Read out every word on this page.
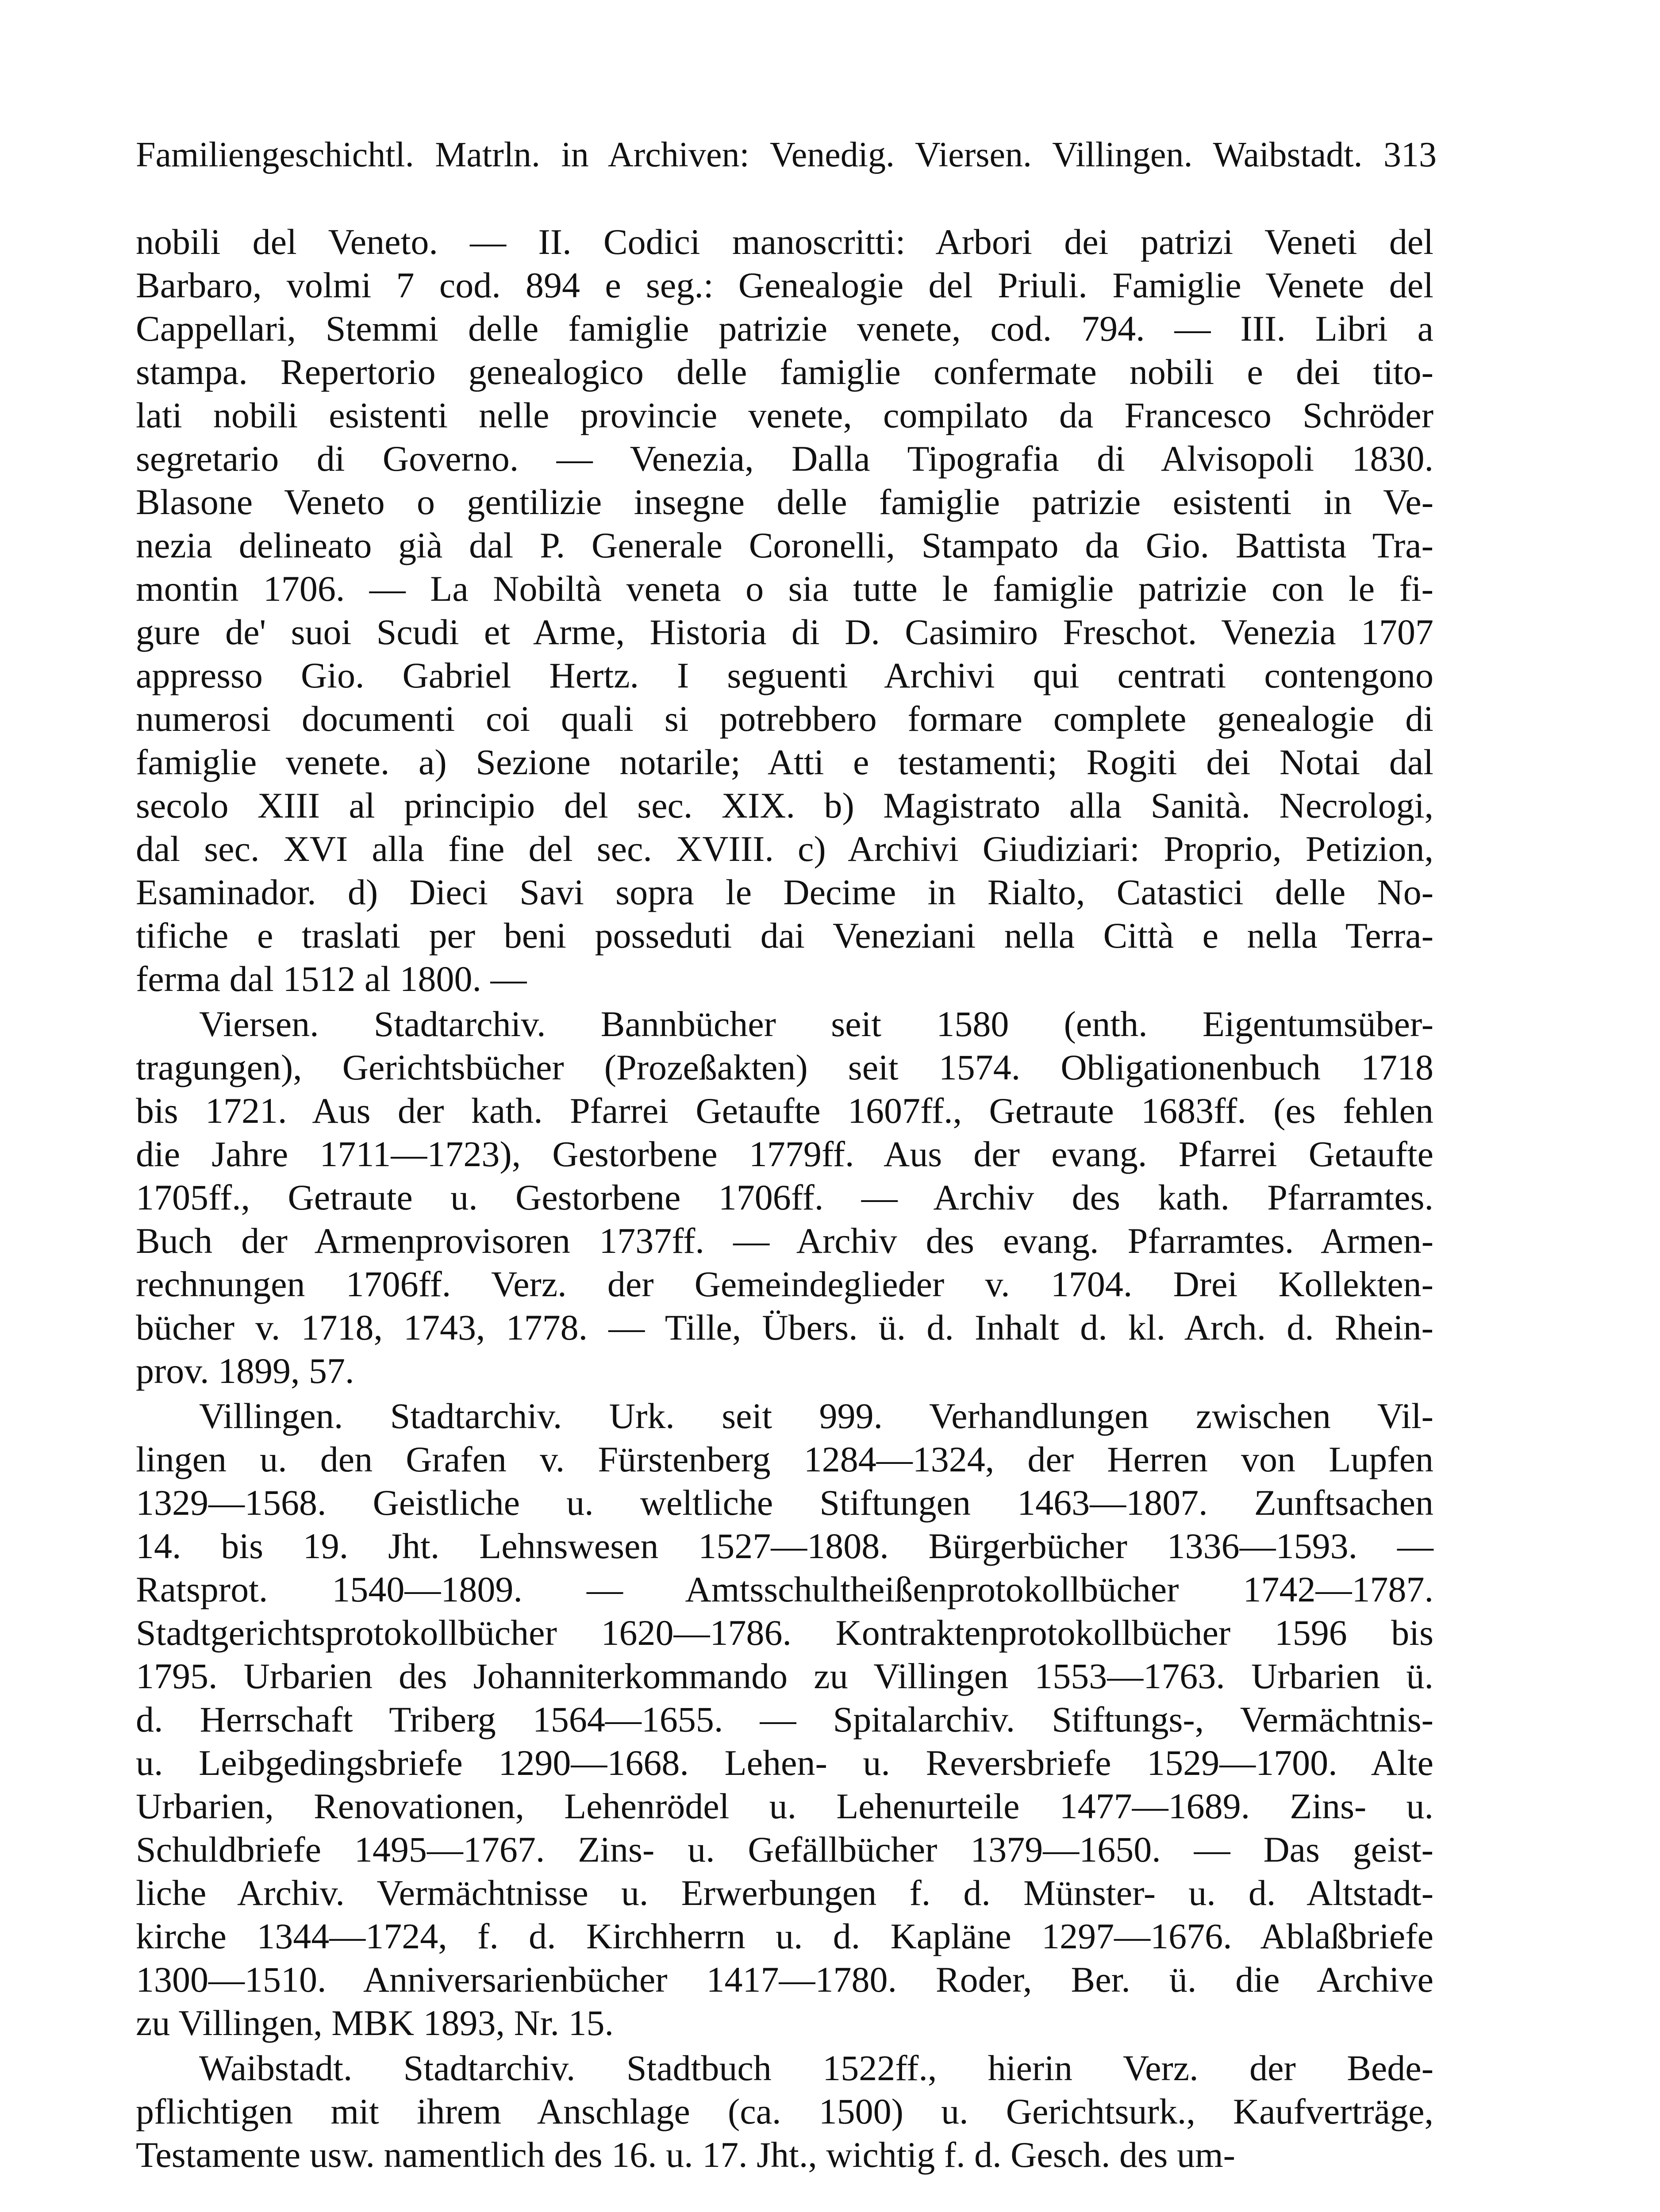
Familiengeschichtl. Matrln. in Archiven: Venedig. Viersen. Villingen. Waibstadt. 313
nobili del Veneto. — II. Codici manoscritti: Arbori dei patrizi Veneti del
Barbaro, volmi 7 cod. 894 e seg.: Genealogie del Priuli. Famiglie Venete del
Cappellari, Stemmi delle famiglie patrizie venete, cod. 794. — III. Libri a
stampa. Repertorio genealogico delle famiglie confermate nobili e dei tito-
lati nobili esistenti nelle provincie venete, compilato da Francesco Schröder
segretario di Governo. — Venezia, Dalla Tipografia di Alvisopoli 1830.
Blasone Veneto o gentilizie insegne delle famiglie patrizie esistenti in Ve-
nezia delineato già dal P. Generale Coronelli, Stampato da Gio. Battista Tra-
montin 1706. — La Nobiltà veneta o sia tutte le famiglie patrizie con le fi-
gure de' suoi Scudi et Arme, Historia di D. Casimiro Freschot. Venezia 1707
appresso Gio. Gabriel Hertz. I seguenti Archivi qui centrati contengono
numerosi documenti coi quali si potrebbero formare complete genealogie di
famiglie venete. a) Sezione notarile; Atti e testamenti; Rogiti dei Notai dal
secolo XIII al principio del sec. XIX. b) Magistrato alla Sanità. Necrologi,
dal sec. XVI alla fine del sec. XVIII. c) Archivi Giudiziari: Proprio, Petizion,
Esaminador. d) Dieci Savi sopra le Decime in Rialto, Catastici delle No-
tifiche e traslati per beni posseduti dai Veneziani nella Città e nella Terra-
ferma dal 1512 al 1800. —
Viersen. Stadtarchiv. Bannbücher seit 1580 (enth. Eigentumsüber-
tragungen), Gerichtsbücher (Prozeßakten) seit 1574. Obligationenbuch 1718
bis 1721. Aus der kath. Pfarrei Getaufte 1607ff., Getraute 1683ff. (es fehlen
die Jahre 1711—1723), Gestorbene 1779ff. Aus der evang. Pfarrei Getaufte
1705ff., Getraute u. Gestorbene 1706ff. — Archiv des kath. Pfarramtes.
Buch der Armenprovisoren 1737ff. — Archiv des evang. Pfarramtes. Armen-
rechnungen 1706ff. Verz. der Gemeindeglieder v. 1704. Drei Kollekten-
bücher v. 1718, 1743, 1778. — Tille, Übers. ü. d. Inhalt d. kl. Arch. d. Rhein-
prov. 1899, 57.
Villingen. Stadtarchiv. Urk. seit 999. Verhandlungen zwischen Vil-
lingen u. den Grafen v. Fürstenberg 1284—1324, der Herren von Lupfen
1329—1568. Geistliche u. weltliche Stiftungen 1463—1807. Zunftsachen
14. bis 19. Jht. Lehnswesen 1527—1808. Bürgerbücher 1336—1593. —
Ratsprot. 1540—1809. — Amtsschultheißenprotokollbücher 1742—1787.
Stadtgerichtsprotokollbücher 1620—1786. Kontraktenprotokollbücher 1596 bis
1795. Urbarien des Johanniterkommando zu Villingen 1553—1763. Urbarien ü.
d. Herrschaft Triberg 1564—1655. — Spitalarchiv. Stiftungs-, Vermächtnis-
u. Leibgedingsbriefe 1290—1668. Lehen- u. Reversbriefe 1529—1700. Alte
Urbarien, Renovationen, Lehenrödel u. Lehenurteile 1477—1689. Zins- u.
Schuldbriefe 1495—1767. Zins- u. Gefällbücher 1379—1650. — Das geist-
liche Archiv. Vermächtnisse u. Erwerbungen f. d. Münster- u. d. Altstadt-
kirche 1344—1724, f. d. Kirchherrn u. d. Kapläne 1297—1676. Ablaßbriefe
1300—1510. Anniversarienbücher 1417—1780. Roder, Ber. ü. die Archive
zu Villingen, MBK 1893, Nr. 15.
Waibstadt. Stadtarchiv. Stadtbuch 1522ff., hierin Verz. der Bede-
pflichtigen mit ihrem Anschlage (ca. 1500) u. Gerichtsurk., Kaufverträge,
Testamente usw. namentlich des 16. u. 17. Jht., wichtig f. d. Gesch. des um-
